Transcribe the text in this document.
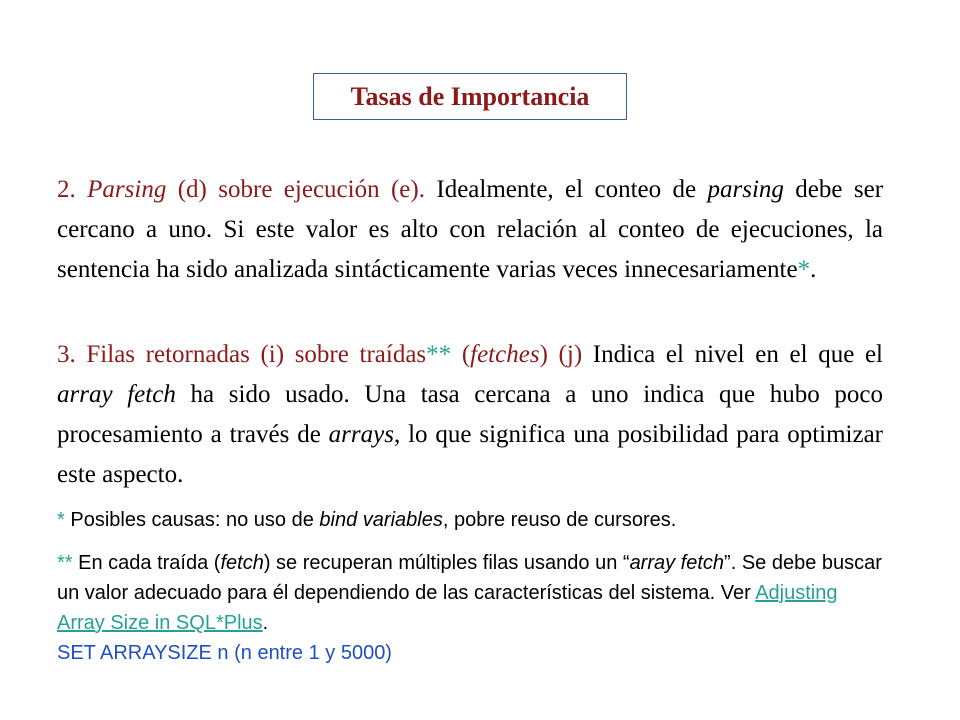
Tasas de Importancia
2. Parsing (d) sobre ejecución (e). Idealmente, el conteo de parsing debe ser cercano a uno. Si este valor es alto con relación al conteo de ejecuciones, la sentencia ha sido analizada sintácticamente varias veces innecesariamente*.
3. Filas retornadas (i) sobre traídas** (fetches) (j) Indica el nivel en el que el array fetch ha sido usado. Una tasa cercana a uno indica que hubo poco procesamiento a través de arrays, lo que significa una posibilidad para optimizar este aspecto.
* Posibles causas: no uso de bind variables, pobre reuso de cursores.
** En cada traída (fetch) se recuperan múltiples filas usando un “array fetch”. Se debe buscar un valor adecuado para él dependiendo de las características del sistema. Ver Adjusting Array Size in SQL*Plus.
SET ARRAYSIZE n (n entre 1 y 5000)
